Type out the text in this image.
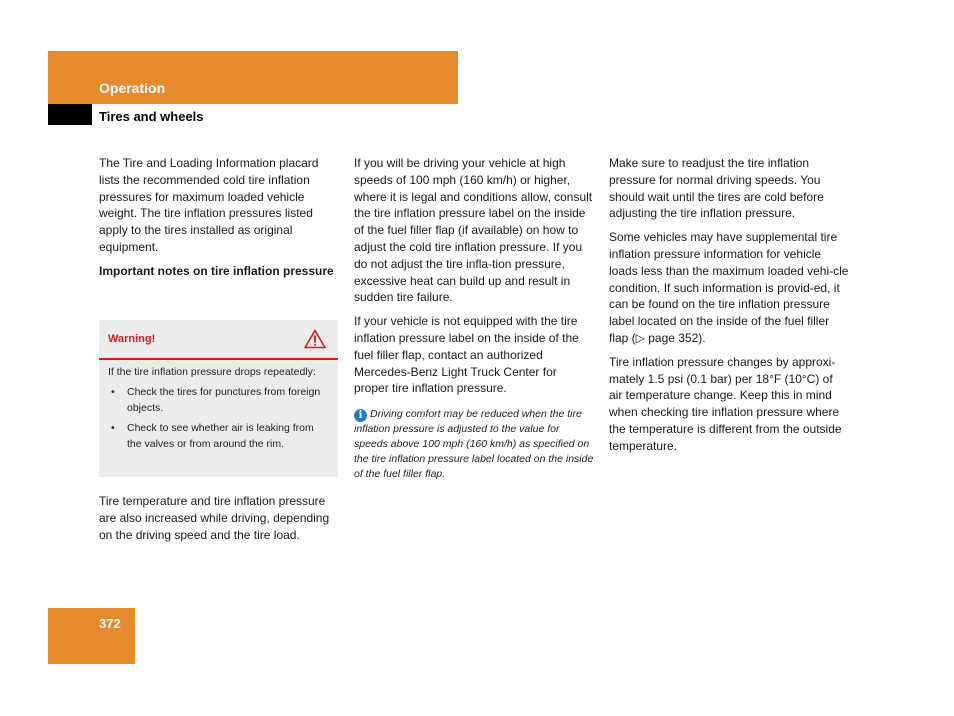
Operation
Tires and wheels

The Tire and Loading Information placard lists the recommended cold tire inflation pressures for maximum loaded vehicle weight. The tire inflation pressures listed apply to the tires installed as original equipment.

Important notes on tire inflation pressure

Warning!
If the tire inflation pressure drops repeatedly:
• Check the tires for punctures from foreign objects.
• Check to see whether air is leaking from the valves or from around the rim.
Tire temperature and tire inflation pressure are also increased while driving, depending on the driving speed and the tire load.

If you will be driving your vehicle at high speeds of 100 mph (160 km/h) or higher, where it is legal and conditions allow, consult the tire inflation pressure label on the inside of the fuel filler flap (if available) on how to adjust the cold tire inflation pressure. If you do not adjust the tire infla-tion pressure, excessive heat can build up and result in sudden tire failure.

If your vehicle is not equipped with the tire inflation pressure label on the inside of the fuel filler flap, contact an authorized Mercedes-Benz Light Truck Center for proper tire inflation pressure.

i Driving comfort may be reduced when the tire inflation pressure is adjusted to the value for speeds above 100 mph (160 km/h) as specified on the tire inflation pressure label located on the inside of the fuel filler flap.

Make sure to readjust the tire inflation pressure for normal driving speeds. You should wait until the tires are cold before adjusting the tire inflation pressure.

Some vehicles may have supplemental tire inflation pressure information for vehicle loads less than the maximum loaded vehi-cle condition. If such information is provid-ed, it can be found on the tire inflation pressure label located on the inside of the fuel filler flap (▷ page 352).

Tire inflation pressure changes by approxi-mately 1.5 psi (0.1 bar) per 18°F (10°C) of air temperature change. Keep this in mind when checking tire inflation pressure where the temperature is different from the outside temperature.

372
